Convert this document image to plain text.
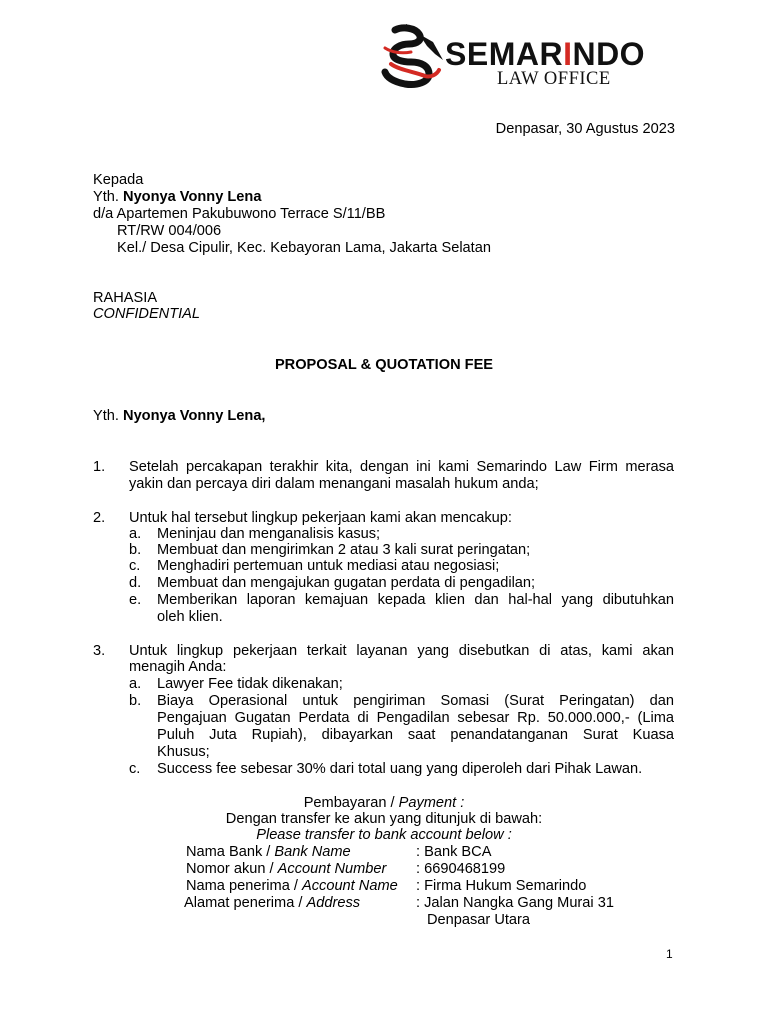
SEMARINDO
LAW OFFICE
Denpasar, 30 Agustus 2023
Kepada
Yth. Nyonya Vonny Lena
d/a Apartemen Pakubuwono Terrace S/11/BB
RT/RW 004/006
Kel./ Desa Cipulir, Kec. Kebayoran Lama, Jakarta Selatan
RAHASIA
CONFIDENTIAL
PROPOSAL & QUOTATION FEE
Yth. Nyonya Vonny Lena,
1. Setelah percakapan terakhir kita, dengan ini kami Semarindo Law Firm merasa
yakin dan percaya diri dalam menangani masalah hukum anda;
2. Untuk hal tersebut lingkup pekerjaan kami akan mencakup:
a. Meninjau dan menganalisis kasus;
b. Membuat dan mengirimkan 2 atau 3 kali surat peringatan;
c. Menghadiri pertemuan untuk mediasi atau negosiasi;
d. Membuat dan mengajukan gugatan perdata di pengadilan;
e. Memberikan laporan kemajuan kepada klien dan hal-hal yang dibutuhkan
oleh klien.
3. Untuk lingkup pekerjaan terkait layanan yang disebutkan di atas, kami akan
menagih Anda:
a. Lawyer Fee tidak dikenakan;
b. Biaya Operasional untuk pengiriman Somasi (Surat Peringatan) dan
Pengajuan Gugatan Perdata di Pengadilan sebesar Rp. 50.000.000,- (Lima
Puluh Juta Rupiah), dibayarkan saat penandatanganan Surat Kuasa
Khusus;
c. Success fee sebesar 30% dari total uang yang diperoleh dari Pihak Lawan.
Pembayaran / Payment :
Dengan transfer ke akun yang ditunjuk di bawah:
Please transfer to bank account below :
Nama Bank / Bank Name	: Bank BCA
Nomor akun / Account Number : 6690468199
Nama penerima / Account Name : Firma Hukum Semarindo
Alamat penerima / Address	: Jalan Nangka Gang Murai 31
Denpasar Utara
1
